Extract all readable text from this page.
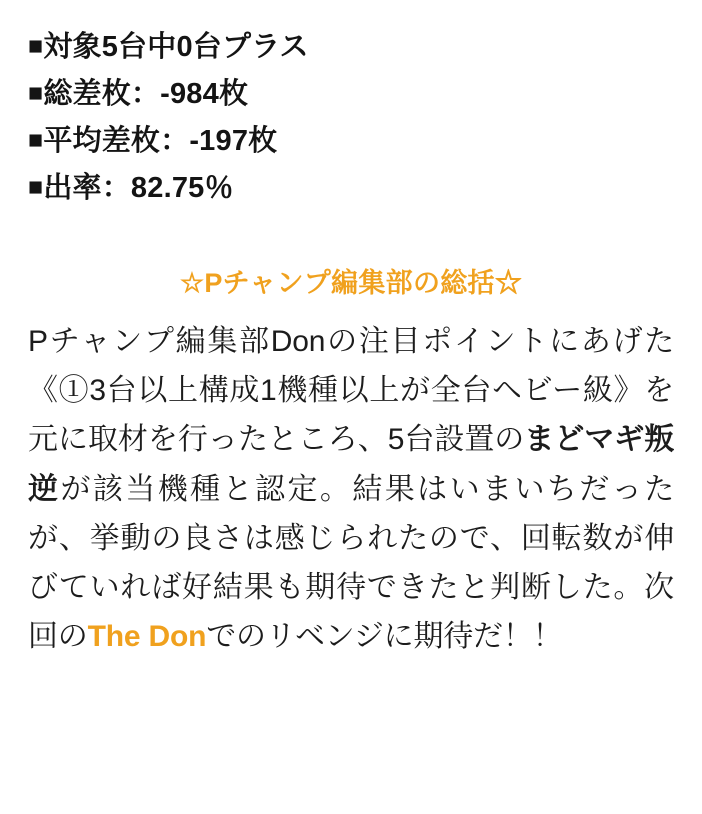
■対象5台中0台プラス
■総差枚：-984枚
■平均差枚：-197枚
■出率：82.75％
☆Pチャンプ編集部の総括☆

Pチャンプ編集部Donの注目ポイントにあげた《①3台以上構成1機種以上が全台ヘビー級》を元に取材を行ったところ、5台設置のまどマギ叛逆が該当機種と認定。結果はいまいちだったが、挙動の良さは感じられたので、回転数が伸びていれば好結果も期待できたと判断した。次回のThe Donでのリベンジに期待だ！！
